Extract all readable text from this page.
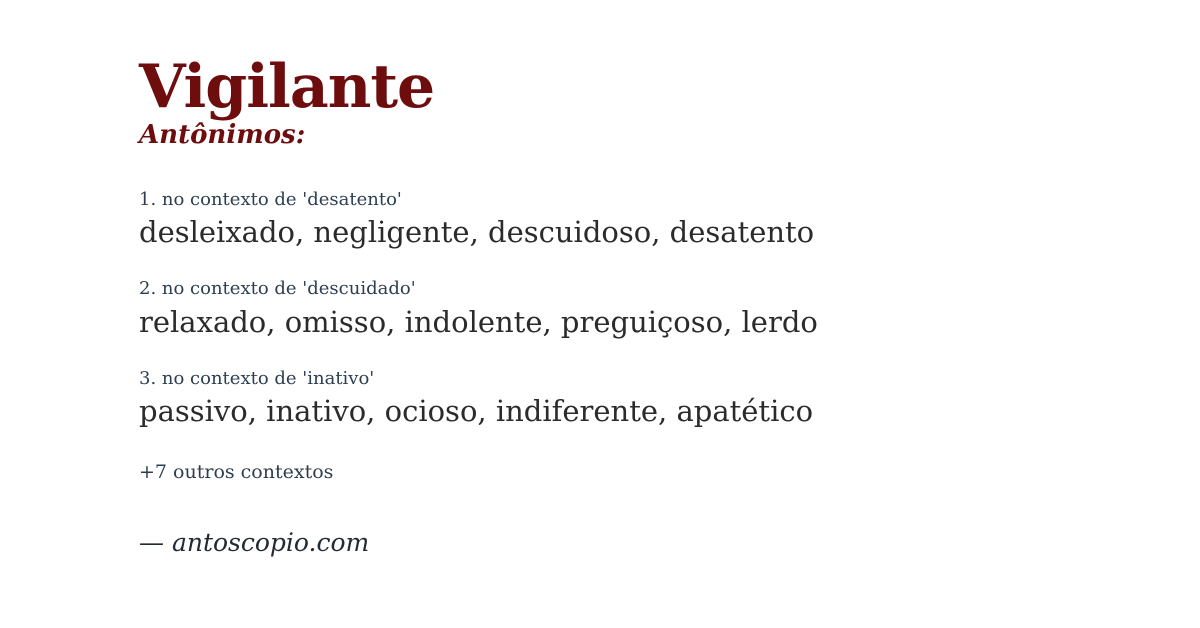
Vigilante
Antônimos:
1. no contexto de 'desatento'
desleixado, negligente, descuidoso, desatento
2. no contexto de 'descuidado'
relaxado, omisso, indolente, preguiçoso, lerdo
3. no contexto de 'inativo'
passivo, inativo, ocioso, indiferente, apatético
+7 outros contextos
— antoscopio.com
